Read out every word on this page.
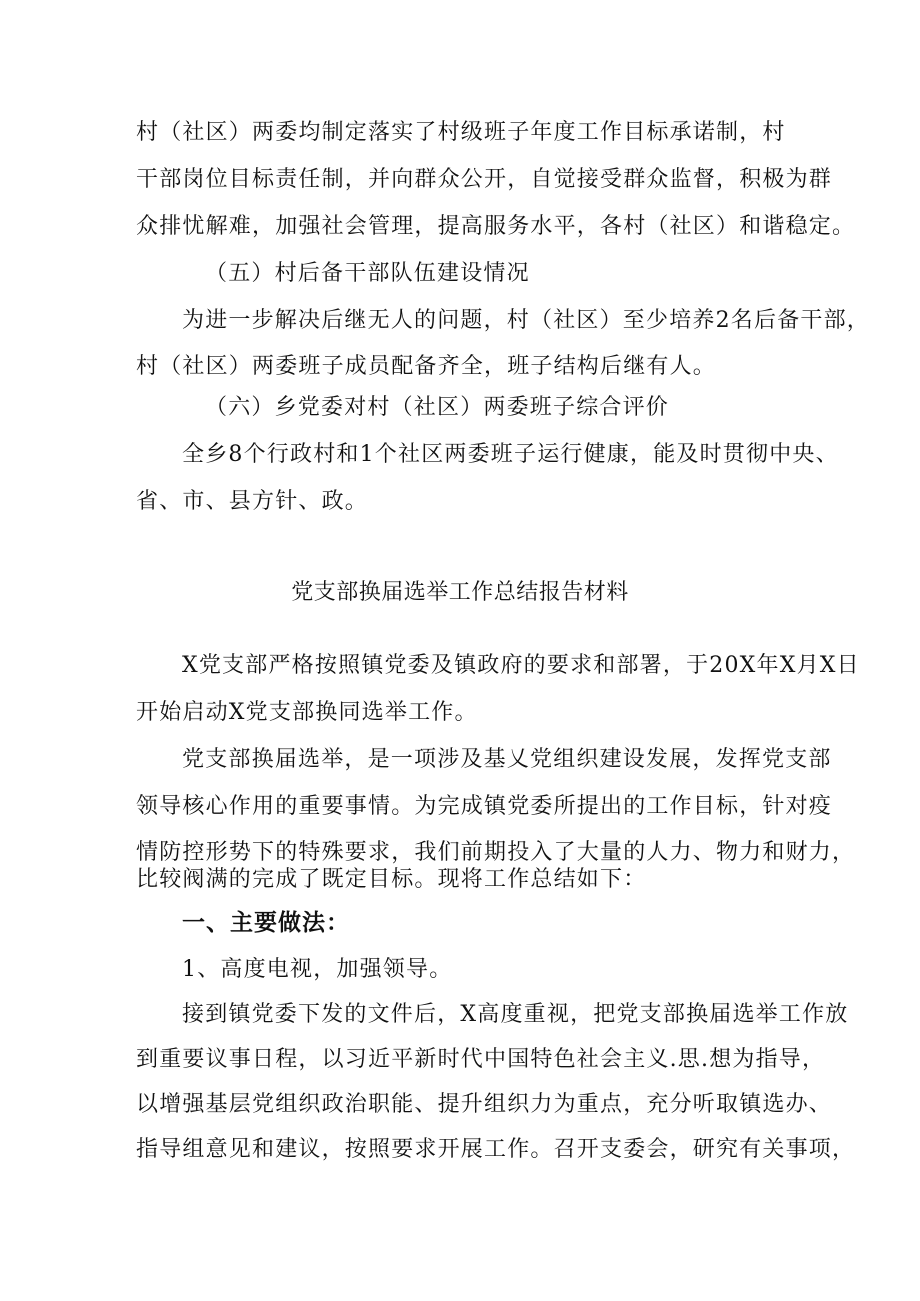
村（社区）两委均制定落实了村级班子年度工作目标承诺制，村
干部岗位目标责任制，并向群众公开，自觉接受群众监督，积极为群
众排忧解难，加强社会管理，提高服务水平，各村（社区）和谐稳定。
（五）村后备干部队伍建设情况
为进一步解决后继无人的问题，村（社区）至少培养2名后备干部，
村（社区）两委班子成员配备齐全，班子结构后继有人。
（六）乡党委对村（社区）两委班子综合评价
全乡8个行政村和1个社区两委班子运行健康，能及时贯彻中央、
省、市、县方针、政。
党支部换届选举工作总结报告材料
X党支部严格按照镇党委及镇政府的要求和部署，于20X年X月X日
开始启动X党支部换同选举工作。
党支部换届选举，是一项涉及基乂党组织建设发展，发挥党支部
领导核心作用的重要事情。为完成镇党委所提出的工作目标，针对疫
情防控形势下的特殊要求，我们前期投入了大量的人力、物力和财力，
比较阀满的完成了既定目标。现将工作总结如下：
一、主要做法：
1、高度电视，加强领导。
接到镇党委下发的文件后，X高度重视，把党支部换届选举工作放
到重要议事日程，以习近平新时代中国特色社会主义.思.想为指导，
以增强基层党组织政治职能、提升组织力为重点，充分听取镇选办、
指导组意见和建议，按照要求开展工作。召开支委会，研究有关事项，
